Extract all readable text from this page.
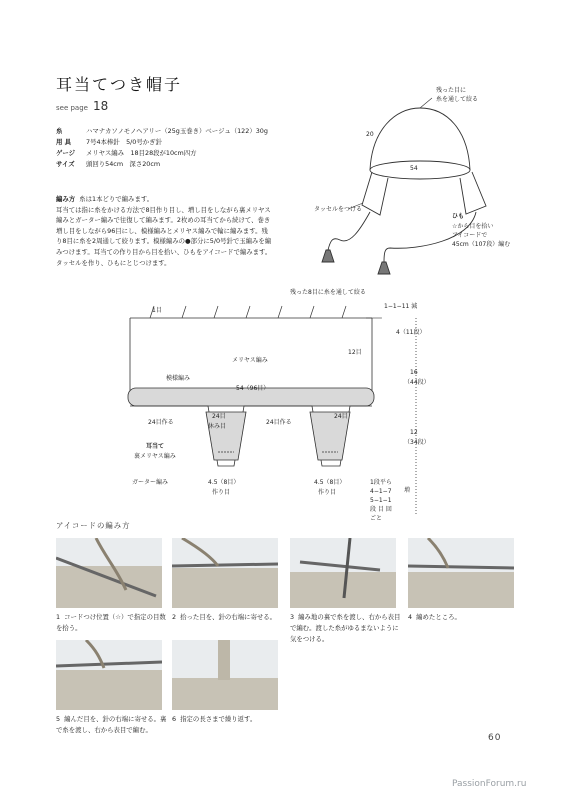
耳当てつき帽子
see page 18
糸	ハマナカソノモノヘアリー（25g玉巻き）ベージュ（122）30g
用 具	7号4本棒針　5/0号かぎ針
ゲージ	メリヤス編み　18目28段が10cm四方
サイズ	頭回り54cm　深さ20cm
編み方 糸は1本どりで編みます。
耳当ては指に糸をかける方法で8目作り目し、増し目をしながら裏メリヤス編みとガーター編みで往復して編みます。2枚めの耳当てから続けて、巻き増し目をしながら96目にし、模様編みとメリヤス編みで輪に編みます。残り8目に糸を2周通して絞ります。模様編みの●部分に5/0号針で玉編みを編みつけます。耳当ての作り目から目を拾い、ひもをアイコードで編みます。タッセルを作り、ひもにとじつけます。
残った目に
糸を通して絞る
20
54
タッセルをつける
ひも
☆から目を拾い
アイコードで
45cm（107段）編む
残った8目に糸を通して絞る
1−1−11 減
1目
12目
4（11段）
16
（44段）
12
（34段）
メリヤス編み
模様編み
54（96目）
24目作る	24目作る
24目
休み目
24目
耳当て
裏メリヤス編み
ガーター編み	4.5（8目）
作り目
4.5（8目）
作り目
1段平ら
4−1−7
5−1−1
段 目 回
ごと
増
アイコードの編み方
1 コードつけ位置（☆）で指定の目数を拾う。
2 拾った目を、針の右端に寄せる。	3 編み地の裏で糸を渡し、右から表目で編む。渡した糸がゆるまないように気をつける。
4 編めたところ。
5 編んだ目を、針の右端に寄せる。裏で糸を渡し、右から表目で編む。
6 指定の長さまで繰り返す。
60
PassionForum.ru
